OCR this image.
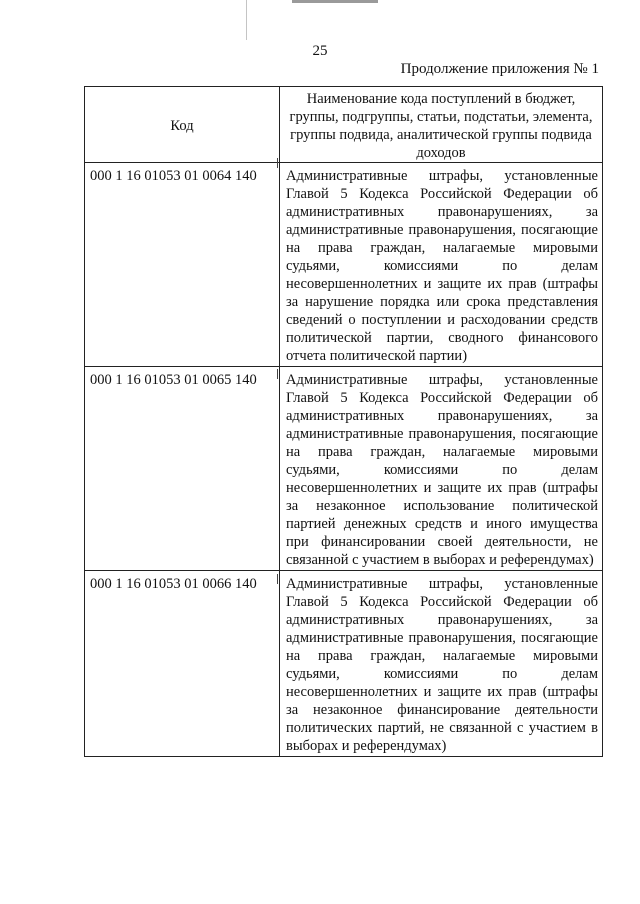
25
Продолжение приложения № 1
Код	Наименование кода поступлений в бюджет, группы, подгруппы, статьи, подстатьи, элемента, группы подвида, аналитической группы подвида доходов
000 1 16 01053 01 0064 140	Административные штрафы, установленные Главой 5 Кодекса Российской Федерации об административных правонарушениях, за административные правонарушения, посягающие на права граждан, налагаемые мировыми судьями, комиссиями по делам несовершеннолетних и защите их прав (штрафы за нарушение порядка или срока представления сведений о поступлении и расходовании средств политической партии, сводного финансового отчета политической партии)
000 1 16 01053 01 0065 140	Административные штрафы, установленные Главой 5 Кодекса Российской Федерации об административных правонарушениях, за административные правонарушения, посягающие на права граждан, налагаемые мировыми судьями, комиссиями по делам несовершеннолетних и защите их прав (штрафы за незаконное использование политической партией денежных средств и иного имущества при финансировании своей деятельности, не связанной с участием в выборах и референдумах)
000 1 16 01053 01 0066 140	Административные штрафы, установленные Главой 5 Кодекса Российской Федерации об административных правонарушениях, за административные правонарушения, посягающие на права граждан, налагаемые мировыми судьями, комиссиями по делам несовершеннолетних и защите их прав (штрафы за незаконное финансирование деятельности политических партий, не связанной с участием в выборах и референдумах)
